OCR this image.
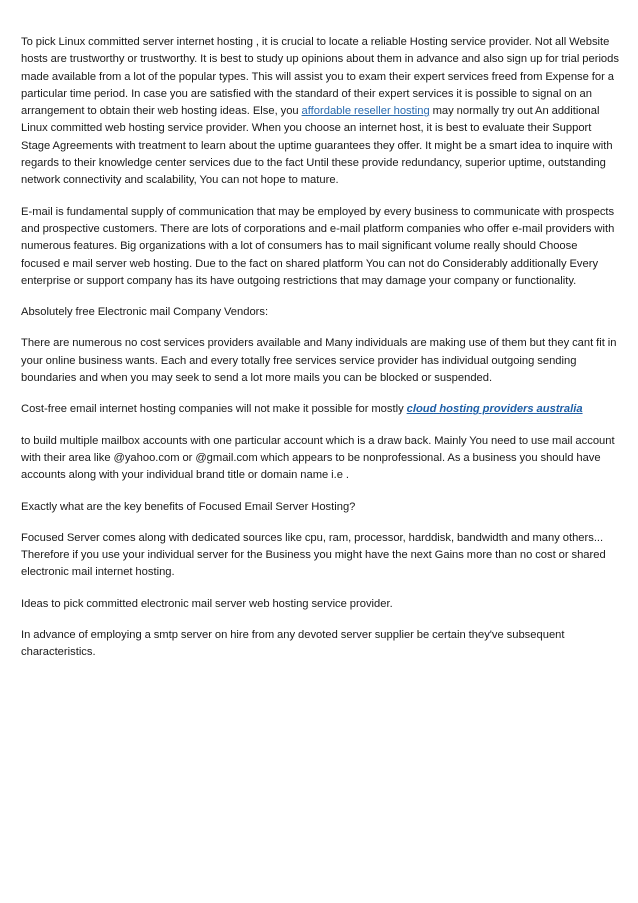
To pick Linux committed server internet hosting , it is crucial to locate a reliable Hosting service provider. Not all Website hosts are trustworthy or trustworthy. It is best to study up opinions about them in advance and also sign up for trial periods made available from a lot of the popular types. This will assist you to exam their expert services freed from Expense for a particular time period. In case you are satisfied with the standard of their expert services it is possible to signal on an arrangement to obtain their web hosting ideas. Else, you affordable reseller hosting may normally try out An additional Linux committed web hosting service provider. When you choose an internet host, it is best to evaluate their Support Stage Agreements with treatment to learn about the uptime guarantees they offer. It might be a smart idea to inquire with regards to their knowledge center services due to the fact Until these provide redundancy, superior uptime, outstanding network connectivity and scalability, You can not hope to mature.

E-mail is fundamental supply of communication that may be employed by every business to communicate with prospects and prospective customers. There are lots of corporations and e-mail platform companies who offer e-mail providers with numerous features. Big organizations with a lot of consumers has to mail significant volume really should Choose focused e mail server web hosting. Due to the fact on shared platform You can not do Considerably additionally Every enterprise or support company has its have outgoing restrictions that may damage your company or functionality.

Absolutely free Electronic mail Company Vendors:

There are numerous no cost services providers available and Many individuals are making use of them but they cant fit in your online business wants. Each and every totally free services service provider has individual outgoing sending boundaries and when you may seek to send a lot more mails you can be blocked or suspended.

Cost-free email internet hosting companies will not make it possible for mostly cloud hosting providers australia

to build multiple mailbox accounts with one particular account which is a draw back. Mainly You need to use mail account with their area like @yahoo.com or @gmail.com which appears to be nonprofessional. As a business you should have accounts along with your individual brand title or domain name i.e .

Exactly what are the key benefits of Focused Email Server Hosting?

Focused Server comes along with dedicated sources like cpu, ram, processor, harddisk, bandwidth and many others... Therefore if you use your individual server for the Business you might have the next Gains more than no cost or shared electronic mail internet hosting.

Ideas to pick committed electronic mail server web hosting service provider.

In advance of employing a smtp server on hire from any devoted server supplier be certain they've subsequent characteristics.
